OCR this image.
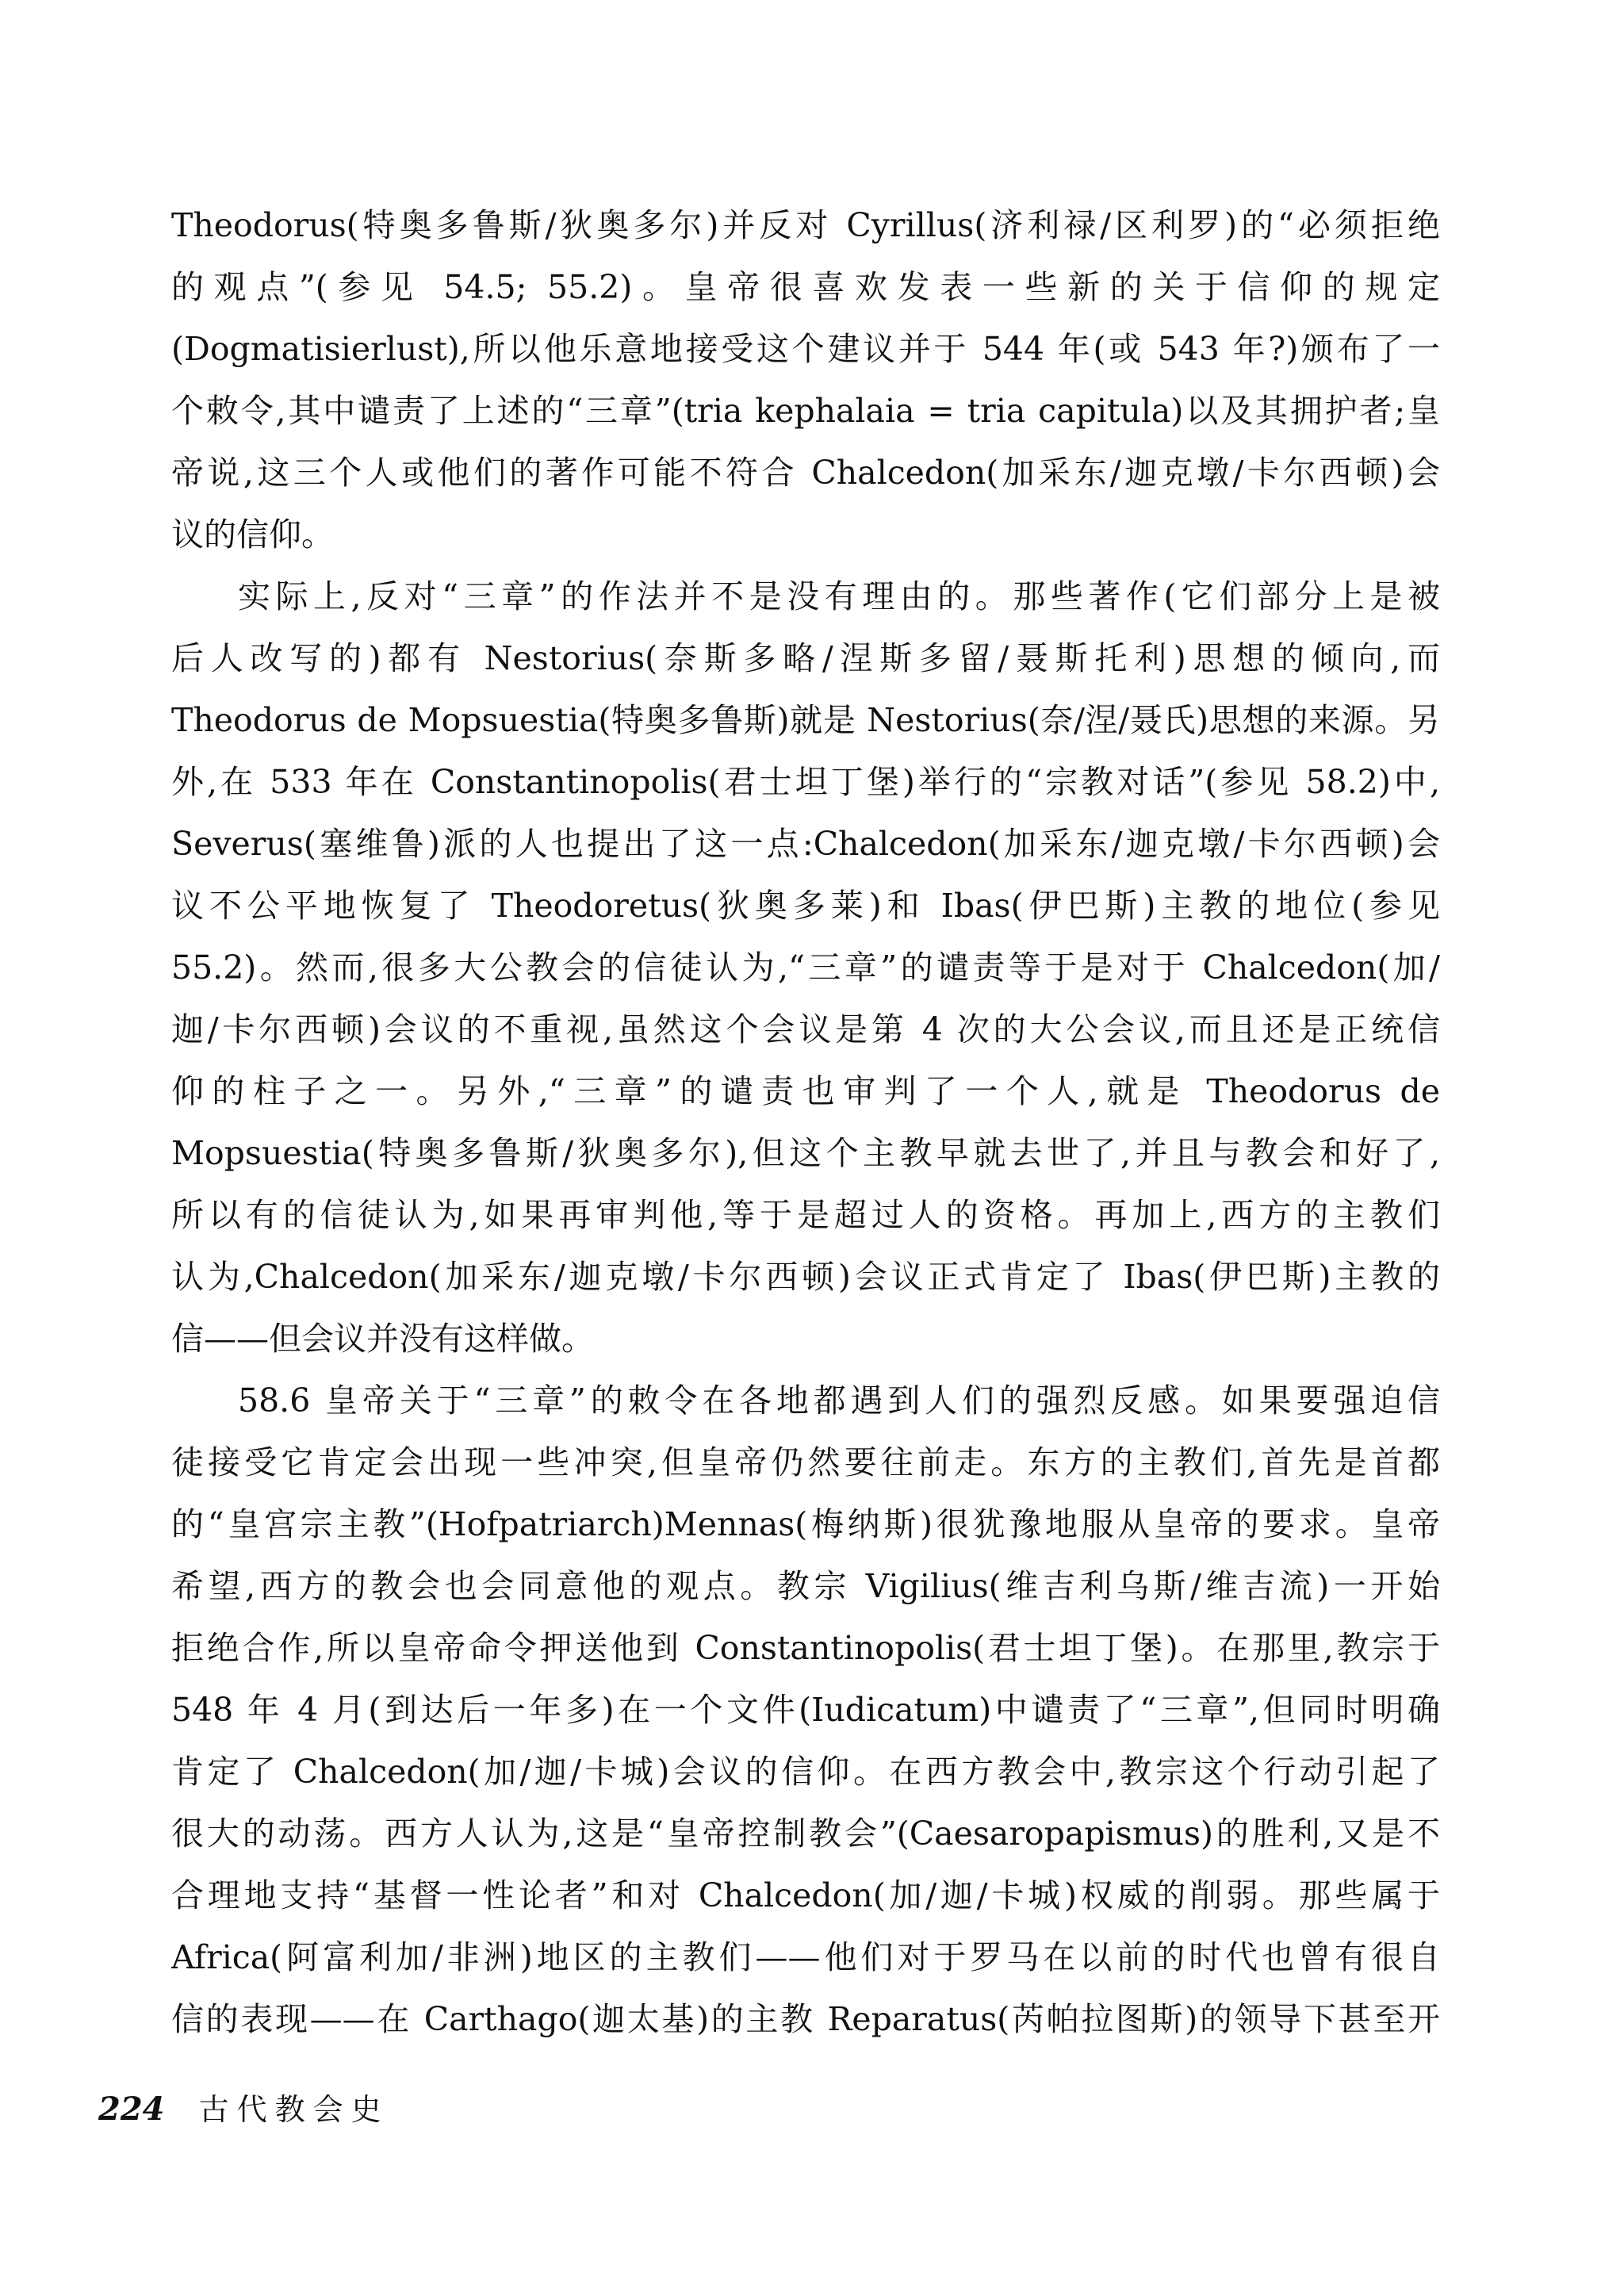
Theodorus(特奥多鲁斯/狄奥多尔)并反对 Cyrillus(济利禄/区利罗)的“必须拒绝
的观点”(参见 54.5; 55.2)。皇帝很喜欢发表一些新的关于信仰的规定
(Dogmatisierlust),所以他乐意地接受这个建议并于 544 年(或 543 年?)颁布了一
个敕令,其中谴责了上述的“三章”(tria kephalaia = tria capitula)以及其拥护者;皇
帝说,这三个人或他们的著作可能不符合 Chalcedon(加采东/迦克墩/卡尔西顿)会
议的信仰。
实际上,反对“三章”的作法并不是没有理由的。那些著作(它们部分上是被
后人改写的)都有 Nestorius(奈斯多略/涅斯多留/聂斯托利)思想的倾向,而
Theodorus de Mopsuestia(特奥多鲁斯)就是 Nestorius(奈/涅/聂氏)思想的来源。另
外,在 533 年在 Constantinopolis(君士坦丁堡)举行的“宗教对话”(参见 58.2)中,
Severus(塞维鲁)派的人也提出了这一点:Chalcedon(加采东/迦克墩/卡尔西顿)会
议不公平地恢复了 Theodoretus(狄奥多莱)和 Ibas(伊巴斯)主教的地位(参见
55.2)。然而,很多大公教会的信徒认为,“三章”的谴责等于是对于 Chalcedon(加/
迦/卡尔西顿)会议的不重视,虽然这个会议是第 4 次的大公会议,而且还是正统信
仰的柱子之一。另外,“三章”的谴责也审判了一个人,就是 Theodorus de
Mopsuestia(特奥多鲁斯/狄奥多尔),但这个主教早就去世了,并且与教会和好了,
所以有的信徒认为,如果再审判他,等于是超过人的资格。再加上,西方的主教们
认为,Chalcedon(加采东/迦克墩/卡尔西顿)会议正式肯定了 Ibas(伊巴斯)主教的
信——但会议并没有这样做。
58.6 皇帝关于“三章”的敕令在各地都遇到人们的强烈反感。如果要强迫信
徒接受它肯定会出现一些冲突,但皇帝仍然要往前走。东方的主教们,首先是首都
的“皇宫宗主教”(Hofpatriarch)Mennas(梅纳斯)很犹豫地服从皇帝的要求。皇帝
希望,西方的教会也会同意他的观点。教宗 Vigilius(维吉利乌斯/维吉流)一开始
拒绝合作,所以皇帝命令押送他到 Constantinopolis(君士坦丁堡)。在那里,教宗于
548 年 4 月(到达后一年多)在一个文件(Iudicatum)中谴责了“三章”,但同时明确
肯定了 Chalcedon(加/迦/卡城)会议的信仰。在西方教会中,教宗这个行动引起了
很大的动荡。西方人认为,这是“皇帝控制教会”(Caesaropapismus)的胜利,又是不
合理地支持“基督一性论者”和对 Chalcedon(加/迦/卡城)权威的削弱。那些属于
Africa(阿富利加/非洲)地区的主教们——他们对于罗马在以前的时代也曾有很自
信的表现——在 Carthago(迦太基)的主教 Reparatus(芮帕拉图斯)的领导下甚至开
224 古代教会史
